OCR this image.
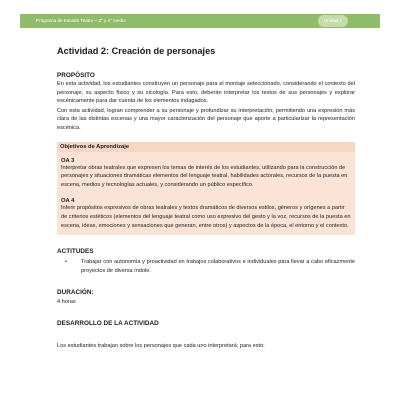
Programa de Estudio Teatro – 3° y 4° medio	Unidad 1
Actividad 2: Creación de personajes
PROPÓSITO

En esta actividad, los estudiantes construyen un personaje para el montaje seleccionado, considerando el contexto del personaje, su aspecto físico y su sicología. Para esto, deberán interpretar los textos de sus personajes y explorar escénicamente para dar cuenta de los elementos indagados.

Con esta actividad, logran comprender a su personaje y profundizar su interpretación, permitiendo una expresión más clara de las distintas escenas y una mayor caracterización del personaje que aporte a particularizar la representación escénica.

Objetivos de Aprendizaje
OA 3

Interpretar obras teatrales que expresen los temas de interés de los estudiantes, utilizando para la construcción de personajes y situaciones dramáticas elementos del lenguaje teatral, habilidades actorales, recursos de la puesta en escena, medios y tecnologías actuales, y considerando un público específico.

OA 4

Inferir propósitos expresivos de obras teatrales y textos dramáticos de diversos estilos, géneros y orígenes a partir de criterios estéticos (elementos del lenguaje teatral como uso expresivo del gesto y la voz, recursos de la puesta en escena, ideas, emociones y sensaciones que generan, entre otros) y aspectos de la época, el entorno y el contexto.

ACTITUDES
•	Trabajar con autonomía y proactividad en trabajos colaborativos e individuales para llevar a cabo eficazmente proyectos de diversa índole.
DURACIÓN:
4 horas
DESARROLLO DE LA ACTIVIDAD

Los estudiantes trabajan sobre los personajes que cada uno interpretará; para esto:
